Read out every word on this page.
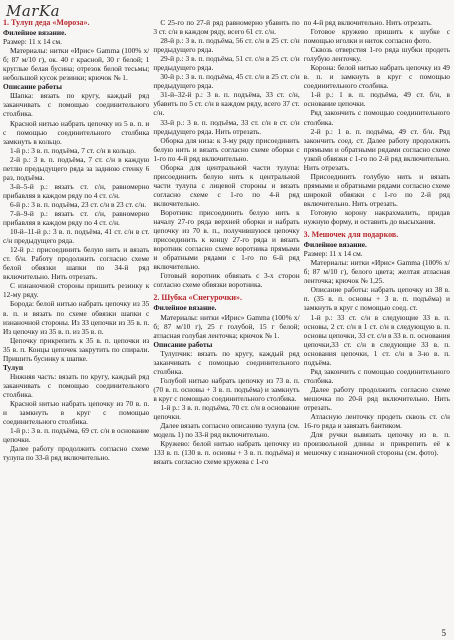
MarKa
1. Тулуп деда «Мороза».

Филейное вязание.

Размер: 11 х 14 см.

Материалы: нитки «Ирис» Gamma (100% х/б; 87 м/10 г), ок. 40 г красной, 30 г белой; 1 круглые белая бусина; отрезок белой тесьмы; небольшой кусок резинки; крючок № 1.

Описание работы

Шапка: вязать по кругу, каждый ряд заканчивать с помощью соединительного столбика.

Красной нитью набрать цепочку из 5 в. п. и с помощью соединительного столбика замкнуть в кольцо.

1-й р.: 3 в. п. подъёма, 7 ст. с/н в кольцо.

2-й р.: 3 в. п. подъёма, 7 ст. с/н в каждую петлю предыдущего ряда за заднюю стенку 6 раз, подъёма.

3-й–5-й р.: вязать ст. с/н, равномерно прибавляя в каждом ряду по 4 ст. с/н.

6-й р.: 3 в. п. подъёма, 23 ст. с/н в 23 ст. с/н.

7-й–9-й р.: вязать ст. с/н, равномерно прибавляя в каждом ряду по 4 ст. с/н.

10-й–11-й р.: 3 в. п. подъёма, 41 ст. с/н в ст. с/н предыдущего ряда.

12-й р.: присоединить белую нить и вязать ст. б/н. Работу продолжить согласно схеме белой обвязки шапки по 34-й ряд включительно. Нить отрезать.

С изнаночной стороны пришить резинку к 12-му ряду.

Борода: белой нитью набрать цепочку из 35 в. п. и вязать по схеме обвязки шапки с изнаночной стороны. Из 33 цепочки из 35 в. п. Из цепочку из 35 в. п. из 35 в. п.

Цепочку прикрепить к 35 в. п. цепочки из 35 в. п. Концы цепочек закрутить по спирали. Пришить бусинку к шапке.

Тулуп

Нижняя часть: вязать по кругу, каждый ряд заканчивать с помощью соединительного столбика.

Красной нитью набрать цепочку из 70 в. п. и замкнуть в круг с помощью соединительного столбика.

1-й р.: 3 в. п. подъёма, 69 ст. с/н в основание цепочки.

Далее работу продолжить согласно схеме тулупа по 33-й ряд включительно.

С 25-го по 27-й ряд равномерно убавить по 3 ст. с/н в каждом ряду, всего 61 ст. с/н.

28-й р.: 3 в. п. подъёма, 56 ст. с/н в 25 ст. с/н предыдущего ряда.

29-й р.: 3 в. п. подъёма, 51 ст. с/н в 25 ст. с/н предыдущего ряда.

30-й р.: 3 в. п. подъёма, 45 ст. с/н в 25 ст. с/н предыдущего ряда.

31-й–32-й р.: 3 в. п. подъёма, 33 ст. с/н, убавить по 5 ст. с/н в каждом ряду, всего 37 ст. с/н.

33-й р.: 3 в. п. подъёма, 33 ст. с/н в ст. с/н предыдущего ряда. Нить отрезать.

Оборка для низа: к 3-му ряду присоединить белую нить и вязать согласно схеме оборки с 1-го по 4-й ряд включительно.

Оборка для центральной части тулупа: присоединить белую нить к центральной части тулупа с лицевой стороны и вязать согласно схеме с 1-го по 4-й ряд включительно.

Воротник: присоединить белую нить к началу 27-го ряда верхней оборки и набрать цепочку из 70 в. п., получившуюся цепочку присоединить к концу 27-го ряда и вязать воротник согласно схеме воротника прямыми и обратными рядами с 1-го по 6-й ряд включительно.

Готовый воротник обвязать с 3-х сторон согласно схеме обвязки воротника.

2. Шубка «Снегурочки».

Филейное вязание.

Материалы: нитки «Ирис» Gamma (100% х/б; 87 м/10 г), 25 г голубой, 15 г белой; атласная голубая ленточка; крючок № 1.

Описание работы

Тулупчик: вязать по кругу, каждый ряд заканчивать с помощью соединительного столбика.

Голубой нитью набрать цепочку из 73 в. п. (70 в. п. основы + 3 в. п. подъёма) и замкнуть в круг с помощью соединительного столбика.

1-й р.: 3 в. п. подъёма, 70 ст. с/н в основание цепочки.

Далее вязать согласно описанию тулупа (см. модель 1) по 33-й ряд включительно.

Кружево: белой нитью набрать цепочку из 133 в. п. (130 в. п. основы + 3 в. п. подъёма) и вязать согласно схеме кружева с 1-го

по 4-й ряд включительно. Нить отрезать.

Готовое кружево пришить к шубке с помощью иголки и ниток согласно фото.

Сквозь отверстия 1-го ряда шубки продеть голубую ленточку.

Корона: белой нитью набрать цепочку из 49 в. п. и замкнуть в круг с помощью соединительного столбика.

1-й р.: 1 в. п. подъёма, 49 ст. б/н, в основание цепочки.

Ряд закончить с помощью соединительного столбика.

2-й р.: 1 в. п. подъёма, 49 ст. б/н. Ряд закончить соед. ст. Далее работу продолжить прямыми и обратными рядами согласно схеме узкой обвязки с 1-го по 2-й ряд включительно. Нить отрезать.

Присоединить голубую нить и вязать прямыми и обратными рядами согласно схеме широкой обвязки с 1-го по 2-й ряд включительно. Нить отрезать.

Готовую корону накрахмалить, придав нужную форму, и оставить до высыхания.

3. Мешочек для подарков.

Филейное вязание.

Размер: 11 х 14 см.

Материалы: нитки «Ирис» Gamma (100% х/б; 87 м/10 г), белого цвета; желтая атласная ленточка; крючок № 1,25.

Описание работы: набрать цепочку из 38 в. п. (35 в. п. основы + 3 в. п. подъёма) и замкнуть в круг с помощью соед. ст.

1-й р.: 33 ст. с/н в следующие 33 в. п. основы, 2 ст. с/н в 1 ст. с/н в следующую в. п. основы цепочки, 33 ст. с/н в 33 в. п. основания цепочки,33 ст. с/н в следующие 33 в. п. основания цепочки, 1 ст. с/н в 3-ю в. п. подъёма.

Ряд закончить с помощью соединительного столбика.

Далее работу продолжить согласно схеме мешочка по 20-й ряд включительно. Нить отрезать.

Атласную ленточку продеть сквозь ст. с/н 16-го ряда и завязать бантиком.

Для ручки вывязать цепочку из в. п. произвольной длины и прикрепить её к мешочку с изнаночной стороны (см. фото).

5
